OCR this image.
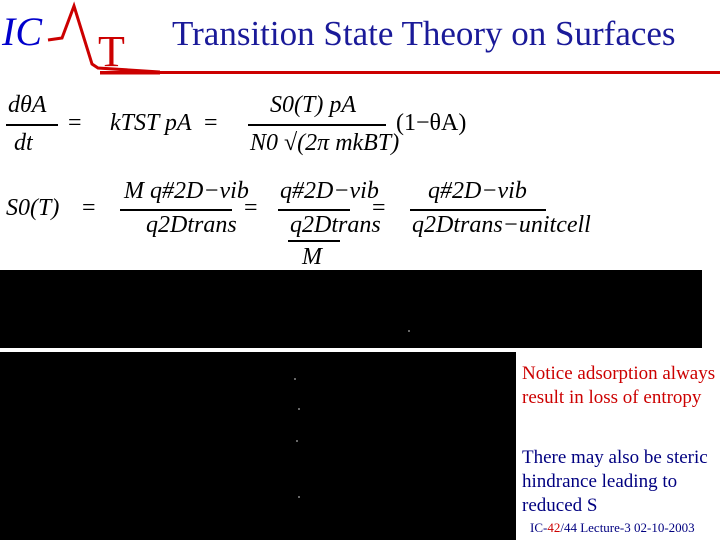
IC T Transition State Theory on Surfaces
dθA
dt
= kTST pA =
S0(T) pA
N0 √(2π mkBT)
(1−θA)
S0(T) =
M q#2D−vib
q2Dtrans
=
q#2D−vib
q2Dtrans
M
=
q#2D−vib
q2Dtrans−unitcell
Notice adsorption always result in loss of entropy
There may also be steric hindrance leading to reduced S
IC-42/44 Lecture-3 02-10-2003
